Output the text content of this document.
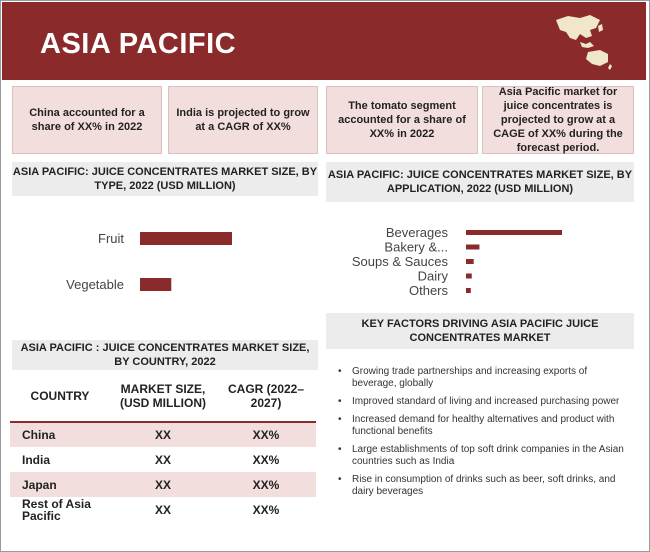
ASIA PACIFIC
China accounted for a share of XX% in 2022
India is projected to grow at a CAGR of XX%
The tomato segment accounted for a share of XX% in 2022
Asia Pacific market for juice concentrates is projected to grow at a CAGE of XX% during the forecast period.
ASIA PACIFIC: JUICE CONCENTRATES MARKET SIZE, BY TYPE, 2022 (USD MILLION)
Fruit
Vegetable
ASIA PACIFIC: JUICE CONCENTRATES MARKET SIZE, BY APPLICATION, 2022 (USD MILLION)
Beverages
Bakery &...
Soups & Sauces
Dairy
Others
ASIA PACIFIC : JUICE CONCENTRATES MARKET SIZE, BY COUNTRY, 2022
COUNTRY	MARKET SIZE, (USD MILLION)	CAGR (2022–2027)
China	XX	XX%
India	XX	XX%
Japan	XX	XX%
Rest of Asia Pacific	XX	XX%
KEY FACTORS DRIVING ASIA PACIFIC JUICE CONCENTRATES MARKET
• Growing trade partnerships and increasing exports of beverage, globally
• Improved standard of living and increased purchasing power
• Increased demand for healthy alternatives and product with functional benefits
• Large establishments of top soft drink companies in the Asian countries such as India
• Rise in consumption of drinks such as beer, soft drinks, and dairy beverages
